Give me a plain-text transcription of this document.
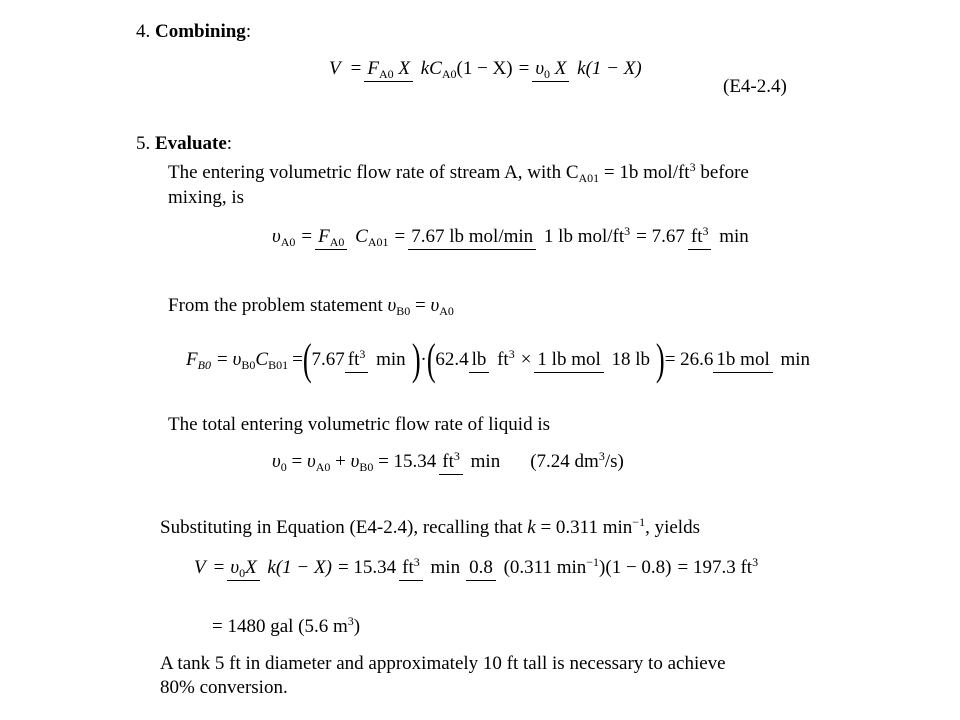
4. Combining:
$V = F_{A0}$ X $kC_{A0}(1 - X) = \upsilon_0$ X k(1 − X)
(E4-2.4)
5. Evaluate:
The entering volumetric flow rate of stream A, with $C_{A01} = 1b$ mol/$ft^3$ before
mixing, is
$\upsilon_{A0} = F_{A0}$ $C_{A01} = 7.67$ lb mol/min 1 lb mol/$ft^3 = 7.67$ $ft^3$ min
From the problem statement $\upsilon_{B0} = \upsilon_{A0}$
$F_{B0} = \upsilon_{B0}C_{B01}$ = ( 7.67 $ft^3$ min ) · ( 62.4 lb $ft^3 \times 1$ lb mol 18 lb ) = 26.6 1b mol min
The total entering volumetric flow rate of liquid is
$\upsilon_0 = \upsilon_{A0} + \upsilon_{B0} = 15.34$ $ft^3$ min (7.24 $dm^3/s$)
Substituting in Equation (E4-2.4), recalling that k = 0.311 $\min^{-1}$, yields
$V = \upsilon_0X$ k(1 − X) = 15.34 $ft^3$ min 0.8 (0.311 $\min^{-1})(1 - 0.8) = 197.3$ $ft^3$
= 1480 gal (5.6 $m^3$)
A tank 5 ft in diameter and approximately 10 ft tall is necessary to achieve
80% conversion.
